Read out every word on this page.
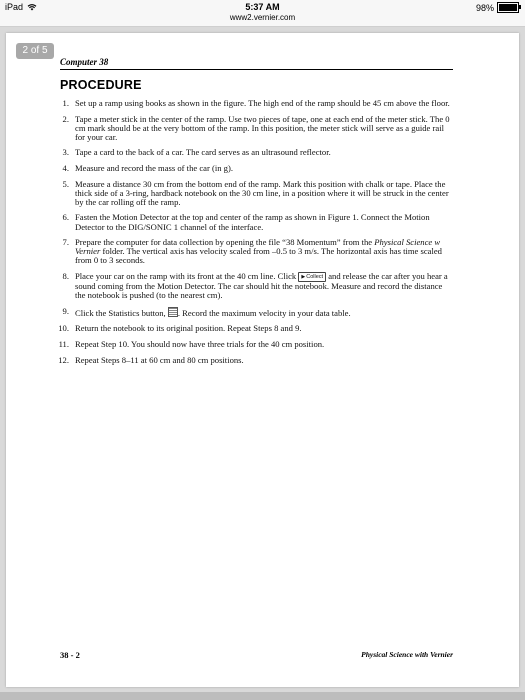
iPad	5:37 AM
www2.vernier.com
98%
2 of 5
Computer 38
PROCEDURE
1. Set up a ramp using books as shown in the figure. The high end of the ramp should be 45 cm above the floor.
2. Tape a meter stick in the center of the ramp. Use two pieces of tape, one at each end of the meter stick. The 0 cm mark should be at the very bottom of the ramp. In this position, the meter stick will serve as a guide rail for your car.
3. Tape a card to the back of a car. The card serves as an ultrasound reflector.
4. Measure and record the mass of the car (in g).
5. Measure a distance 30 cm from the bottom end of the ramp. Mark this position with chalk or tape. Place the thick side of a 3-ring, hardback notebook on the 30 cm line, in a position where it will be struck in the center by the car rolling off the ramp.
6. Fasten the Motion Detector at the top and center of the ramp as shown in Figure 1. Connect the Motion Detector to the DIG/SONIC 1 channel of the interface.
7. Prepare the computer for data collection by opening the file “38 Momentum” from the Physical Science w Vernier folder. The vertical axis has velocity scaled from –0.5 to 3 m/s. The horizontal axis has time scaled from 0 to 3 seconds.
8. Place your car on the ramp with its front at the 40 cm line. Click ▶ Collect and release the car after you hear a sound coming from the Motion Detector. The car should hit the notebook. Measure and record the distance the notebook is pushed (to the nearest cm).
9. Click the Statistics button, . Record the maximum velocity in your data table.
10. Return the notebook to its original position. Repeat Steps 8 and 9.
11. Repeat Step 10. You should now have three trials for the 40 cm position.
12. Repeat Steps 8–11 at 60 cm and 80 cm positions.
38 - 2	Physical Science with Vernier
